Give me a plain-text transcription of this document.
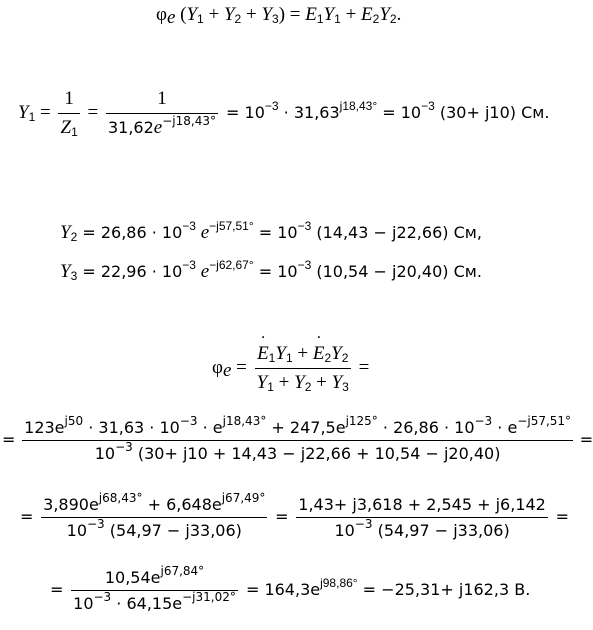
$\varphi_e$ $(Y_1 + Y_2 + Y_3)$ = ˙ $E_1Y_1$ + ˙ $E_2Y_2$.
$Y_1 = \frac{1}{Z_1} = \frac{1}{31,62e^{-j18,43^\circ}} = 10^{-3} \cdot 31,63^{j18,43^\circ} = 10^{-3}$ (30+ j10) См.
$Y_2 = 26,86 \cdot 10^{-3}$ $e^{-j57,51^\circ} = 10^{-3}$ (14,43 − j22,66) См,
$Y_3 = 22,96 \cdot 10^{-3}$ $e^{-j62,67^\circ} = 10^{-3}$ (10,54 − j20,40) См.
$\varphi_e$ =
˙ $\frac{E_1Y_1 + ˙ E_2Y_2}{Y_1 + Y_2 + Y_3}$ =
=
$123e^{j50} \cdot 31,63 \cdot 10^{-3} \cdot e^{j18,43^\circ} + 247,5e^{j125^\circ} \cdot 26,86 \cdot 10^{-3} \cdot e^{-j57,51^\circ}$
$10^{-3}$ (30+ j10 + 14,43 − j22,66 + 10,54 − j20,40)
=
= $\frac{3,890e^{j68,43^\circ} + 6,648e^{j67,49^\circ}}{10^{-3} (54,97 - j33,06)} = \frac{1,43+ j3,618 + 2,545 + j6,142}{10^{-3} (54,97 - j33,06)}$ =
= $\frac{10,54e^{j67,84^\circ}}{10^{-3} \cdot 64,15e^{-j31,02^\circ}} = 164,3e^{j98,86^\circ} = -25,31+ j162,3$ В.
